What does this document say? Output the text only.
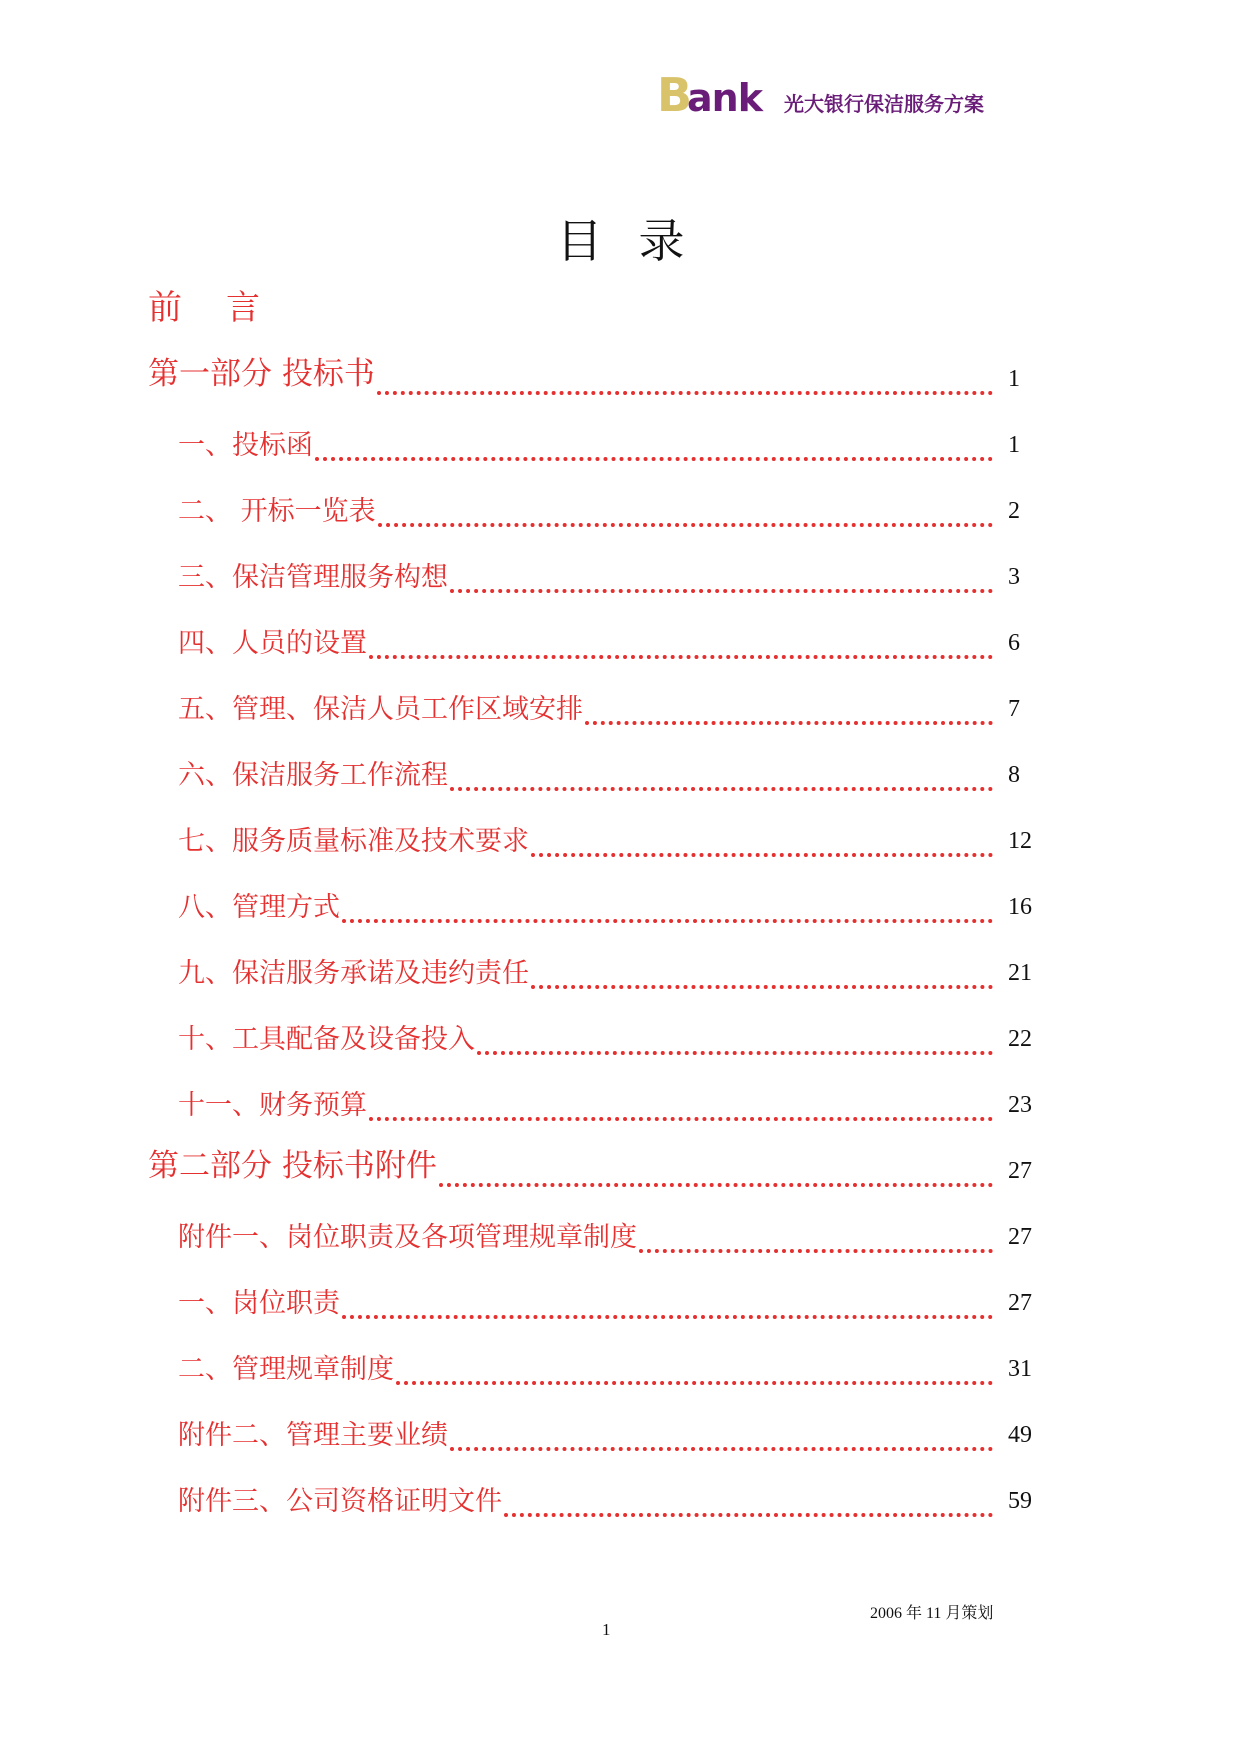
B
ank 光大银行保洁服务方案
目录
前言
第一部分 投标书	1
一、投标函	1
二、 开标一览表	2
三、保洁管理服务构想	3
四、人员的设置	6
五、管理、保洁人员工作区域安排	7
六、保洁服务工作流程	8
七、服务质量标准及技术要求	12
八、管理方式	16
九、保洁服务承诺及违约责任	21
十、工具配备及设备投入	22
十一、财务预算	23
第二部分 投标书附件	27
附件一、岗位职责及各项管理规章制度	27
一、岗位职责	27
二、管理规章制度	31
附件二、管理主要业绩	49
附件三、公司资格证明文件	59
2006 年 11 月策划
1
